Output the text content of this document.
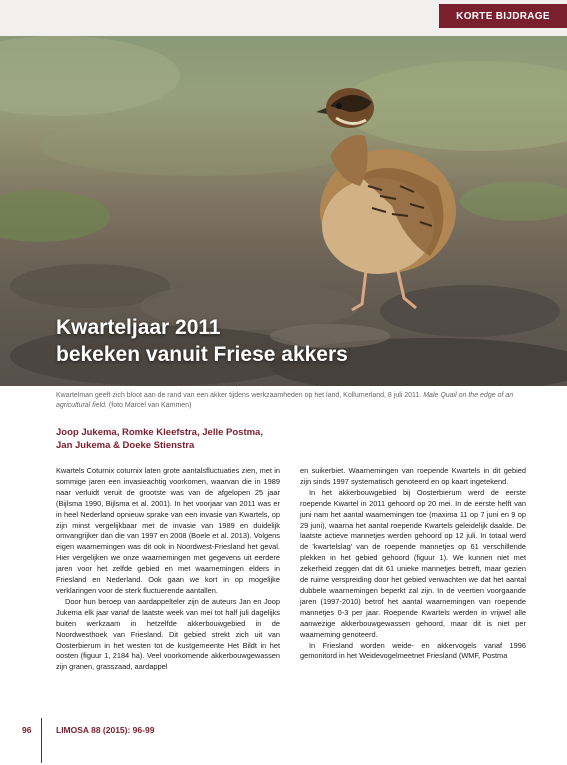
KORTE BIJDRAGE
Kwarteljaar 2011
bekeken vanuit Friese akkers
Kwartelman geeft zich bloot aan de rand van een akker tijdens werkzaamheden op het land, Kollumerland, 8 juli 2011. Male Quail on the edge of an agricultural field. (foto Marcel van Kammen)
Joop Jukema, Romke Kleefstra, Jelle Postma,
Jan Jukema & Doeke Stienstra

Kwartels Coturnix coturnix laten grote aantalsfluctuaties zien, met in sommige jaren een invasieachtig voorkomen, waarvan die in 1989 naar verluidt veruit de grootste was van de afgelopen 25 jaar (Bijlsma 1990, Bijlsma et al. 2001). In het voorjaar van 2011 was er in heel Nederland opnieuw sprake van een invasie van Kwartels, op zijn minst vergelijkbaar met de invasie van 1989 en duidelijk omvangrijker dan die van 1997 en 2008 (Boele et al. 2013). Volgens eigen waarnemingen was dit ook in Noordwest-Friesland het geval. Hier vergelijken we onze waarnemingen met gegevens uit eerdere jaren voor het zelfde gebied en met waarnemingen elders in Friesland en Nederland. Ook gaan we kort in op mogelijke verklaringen voor de sterk fluctuerende aantallen.

Door hun beroep van aardappelteler zijn de auteurs Jan en Joop Jukema elk jaar vanaf de laatste week van mei tot half juli dagelijks buiten werkzaam in hetzelfde akkerbouwgebied in de Noordwesthoek van Friesland. Dit gebied strekt zich uit van Oosterbierum in het westen tot de kustgemeente Het Bildt in het oosten (figuur 1, 2184 ha). Veel voorkomende akkerbouwgewassen zijn granen, grasszaad, aardappel

en suikerbiet. Waarnemingen van roepende Kwartels in dit gebied zijn sinds 1997 systematisch genoteerd en op kaart ingetekend.

In het akkerbouwgebied bij Oosterbierum werd de eerste roepende Kwartel in 2011 gehoord op 20 mei. In de eerste helft van juni nam het aantal waarnemingen toe (maxima 11 op 7 juni en 9 op 29 juni), waarna het aantal roepende Kwartels geleidelijk daalde. De laatste actieve mannetjes werden gehoord op 12 juli. In totaal werd de 'kwartelslag' van de roepende mannetjes op 61 verschillende plekken in het gebied gehoord (figuur 1). We kunnen niet met zekerheid zeggen dat dit 61 unieke mannetjes betreft, maar gezien de ruime verspreiding door het gebied verwachten we dat het aantal dubbele waarnemingen beperkt zal zijn. In de veertien voorgaande jaren (1997-2010) betrof het aantal waarnemingen van roepende mannetjes 0-3 per jaar. Roepende Kwartels werden in vrijwel alle aanwezige akkerbouwgewassen gehoord, maar dit is niet per waarneming genoteerd.

In Friesland worden weide- en akkervogels vanaf 1996 gemonitord in het Weidevogelmeetnet Friesland (WMF, Postma

96	LIMOSA 88 (2015): 96-99
